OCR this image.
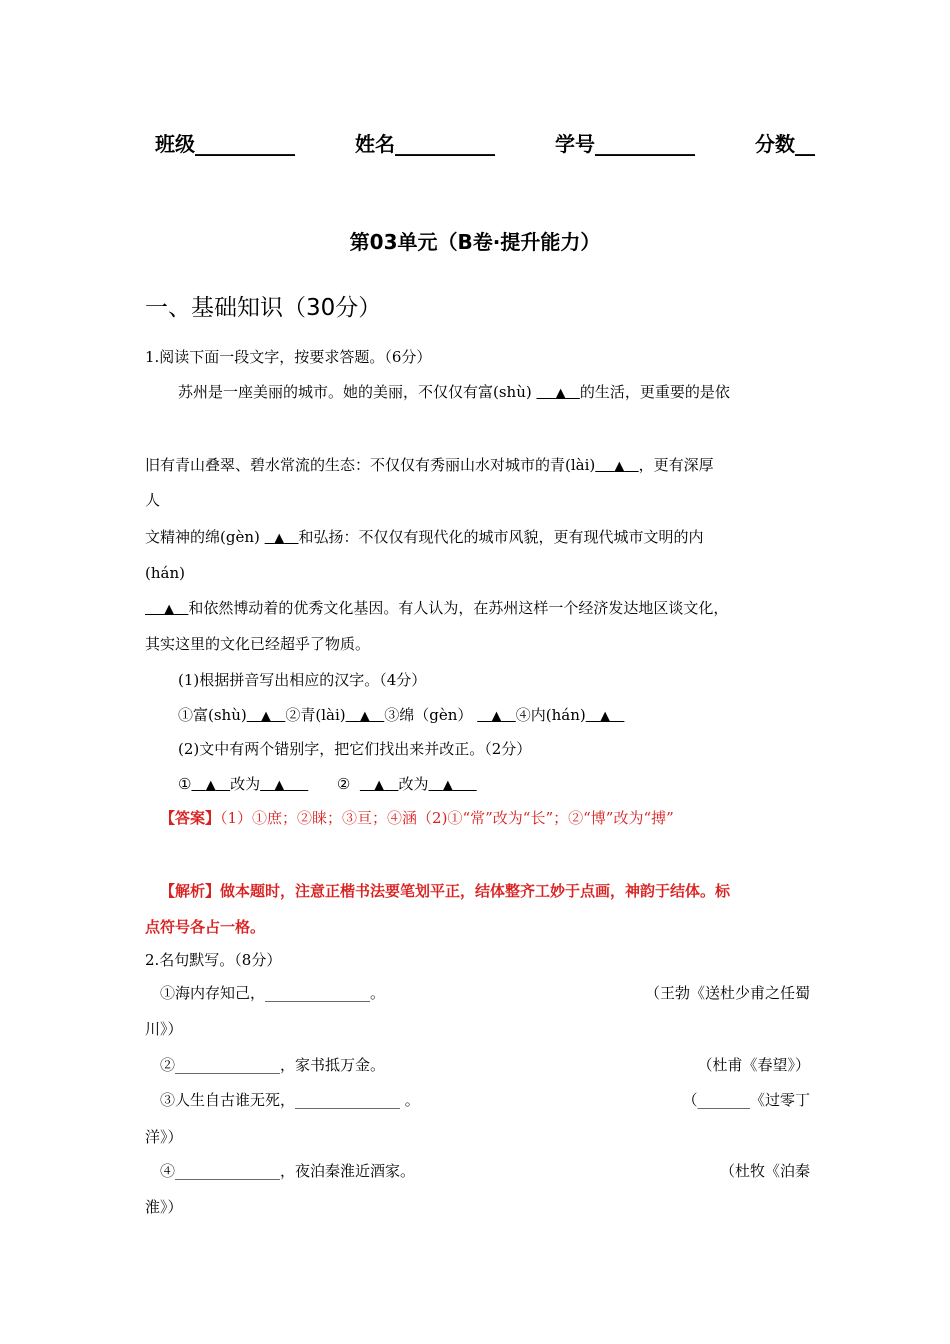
班级__________	姓名__________	学号__________	分数__
第03单元（B卷·提升能力）
一、基础知识（30分）
1.阅读下面一段文字，按要求答题。（6分）
苏州是一座美丽的城市。她的美丽，不仅仅有富(shù) ▲ 的生活，更重要的是依
旧有青山叠翠、碧水常流的生态：不仅仅有秀丽山水对城市的青(lài) ▲ ，更有深厚
人
文精神的绵(gèn) ▲ 和弘扬：不仅仅有现代化的城市风貌，更有现代城市文明的内
(hán)
▲ 和依然博动着的优秀文化基因。有人认为，在苏州这样一个经济发达地区谈文化，
其实这里的文化已经超乎了物质。
(1)根据拼音写出相应的汉字。（4分）
①富(shù) ▲ ②青(lài) ▲ ③绵（gèn） ▲ ④内(hán) ▲
(2)文中有两个错别字，把它们找出来并改正。（2分）
① ▲ 改为 ▲	② ▲ 改为 ▲
【答案】（1）①庶；②睐；③亘；④涵（2)①“常”改为“长”；②“博”改为“搏”
【解析】做本题时，注意正楷书法要笔划平正，结体整齐工妙于点画，神韵于结体。标
点符号各占一格。
2.名句默写。（8分）
①海内存知己，______________。	（王勃《送杜少甫之任蜀
川》）
②______________，家书抵万金。	（杜甫《春望》）
③人生自古谁无死，______________ 。	（_______《过零丁
洋》）
④______________，夜泊秦淮近酒家。	（杜牧《泊秦
淮》）
